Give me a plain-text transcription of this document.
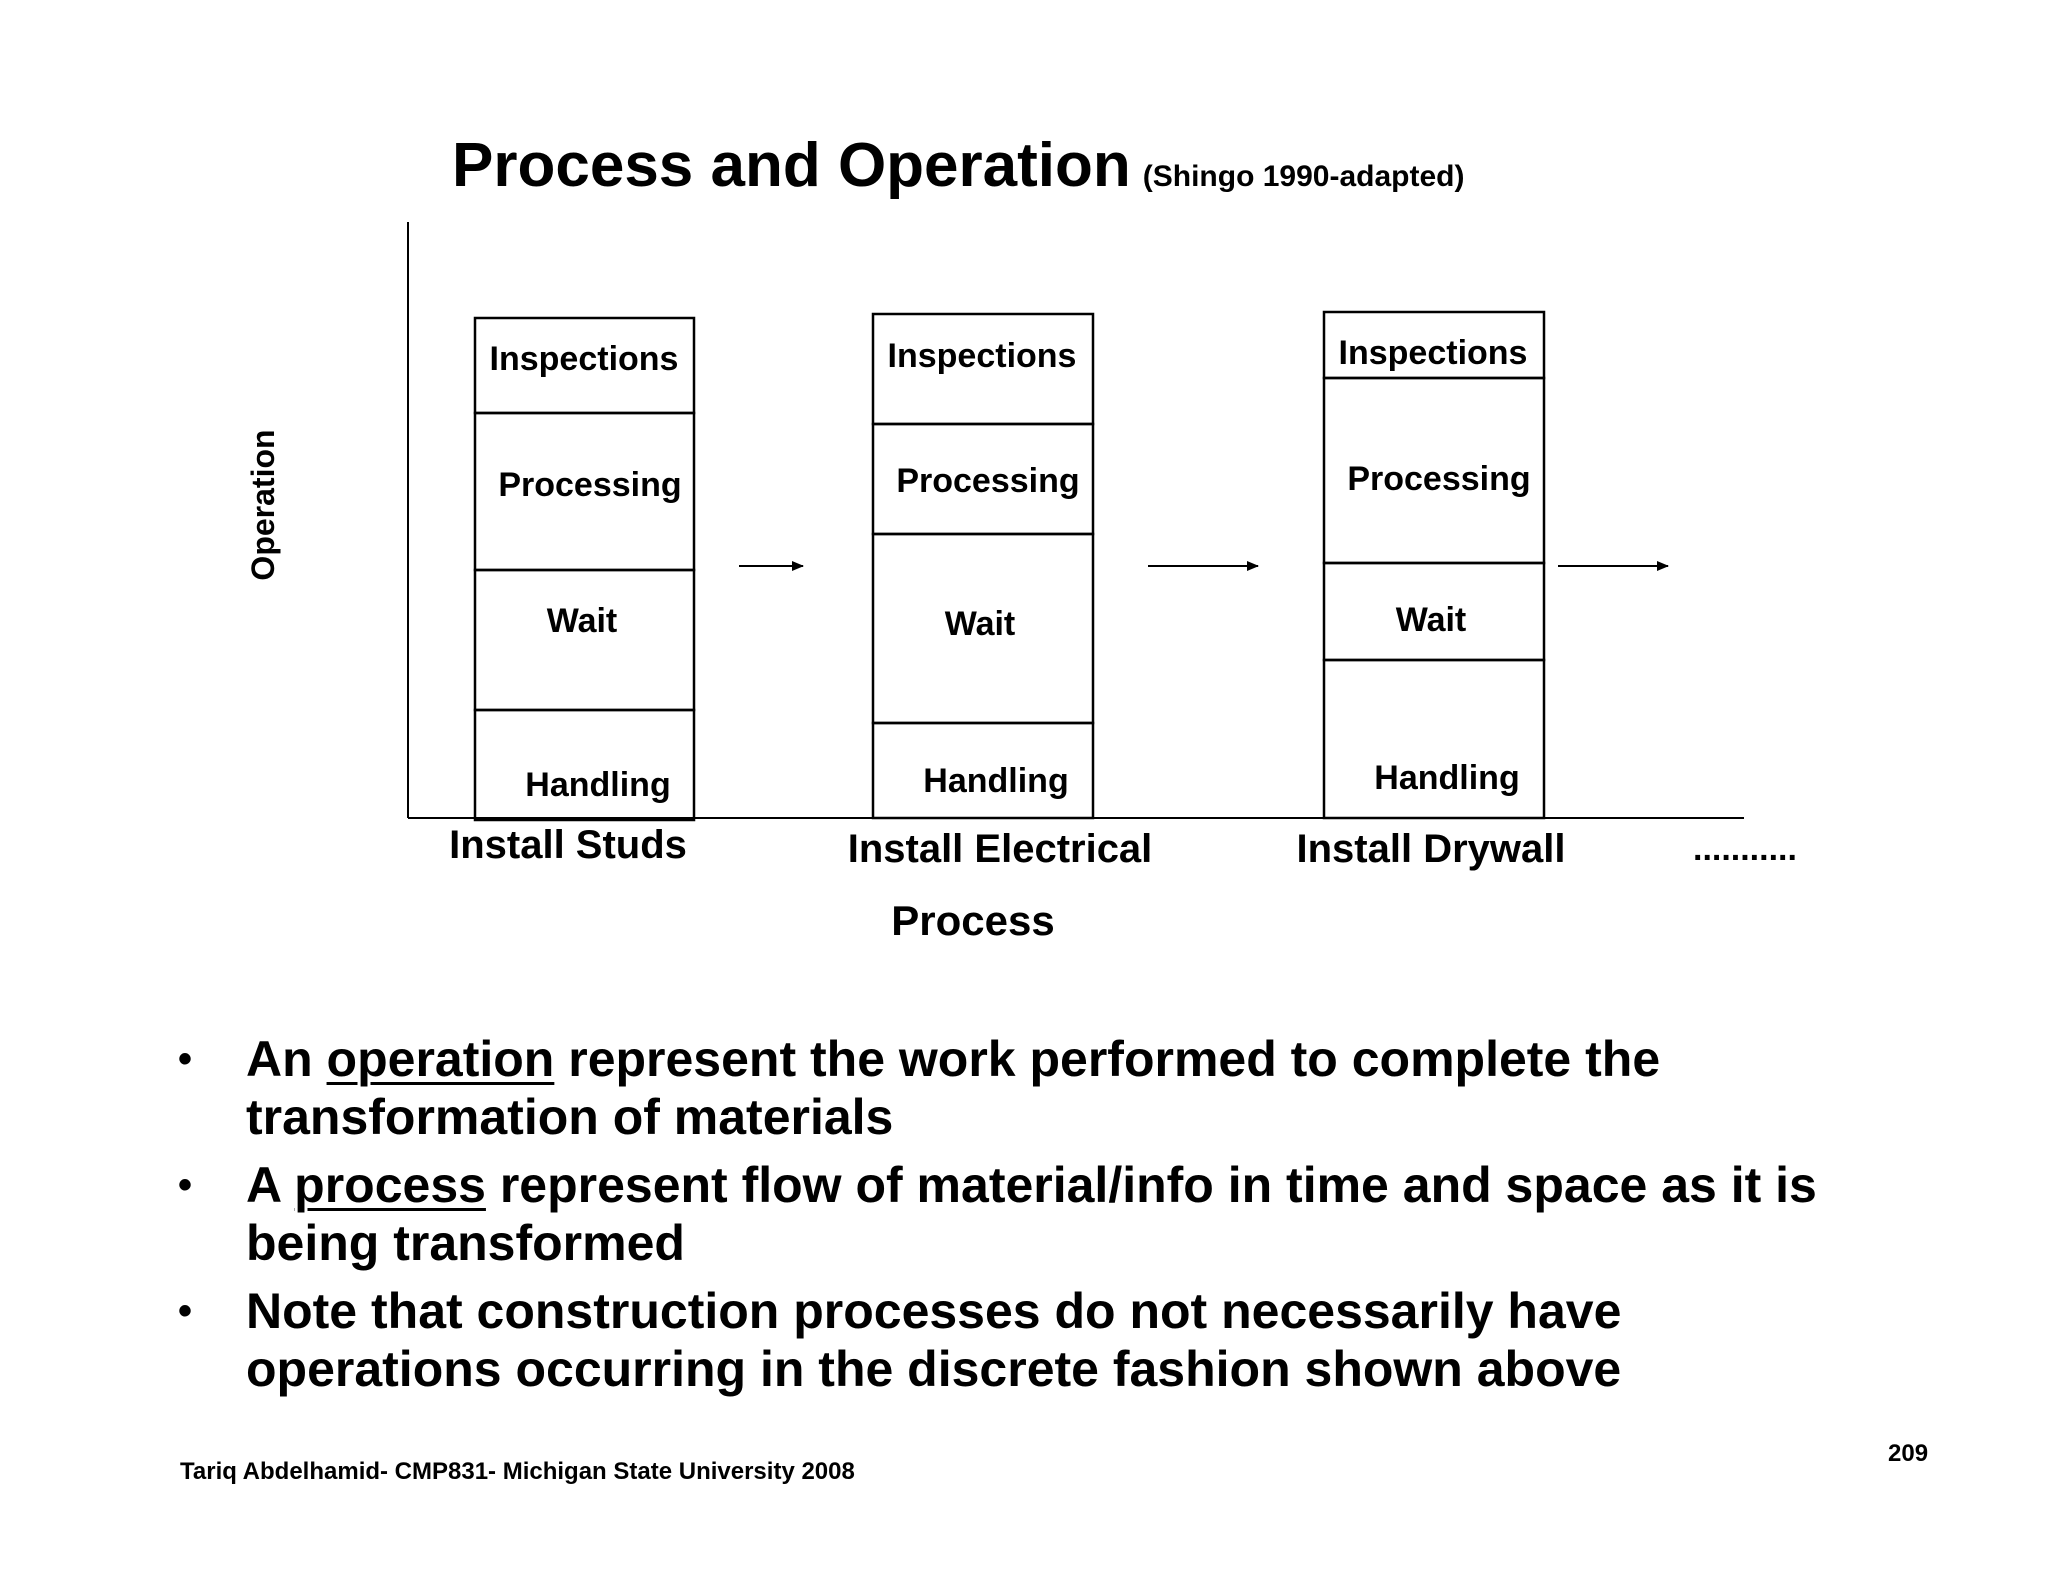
Process and Operation (Shingo 1990-adapted)
Operation
Process
Inspections
Processing
Wait
Handling
Install Studs
Inspections
Processing
Wait
Handling
Install Electrical
Inspections
Processing
Wait
Handling
Install Drywall	...........
• An operation represent the work performed to complete the
transformation of materials
• A process represent flow of material/info in time and space as it is
being transformed
• Note that construction processes do not necessarily have
operations occurring in the discrete fashion shown above
Tariq Abdelhamid- CMP831- Michigan State University 2008
209
